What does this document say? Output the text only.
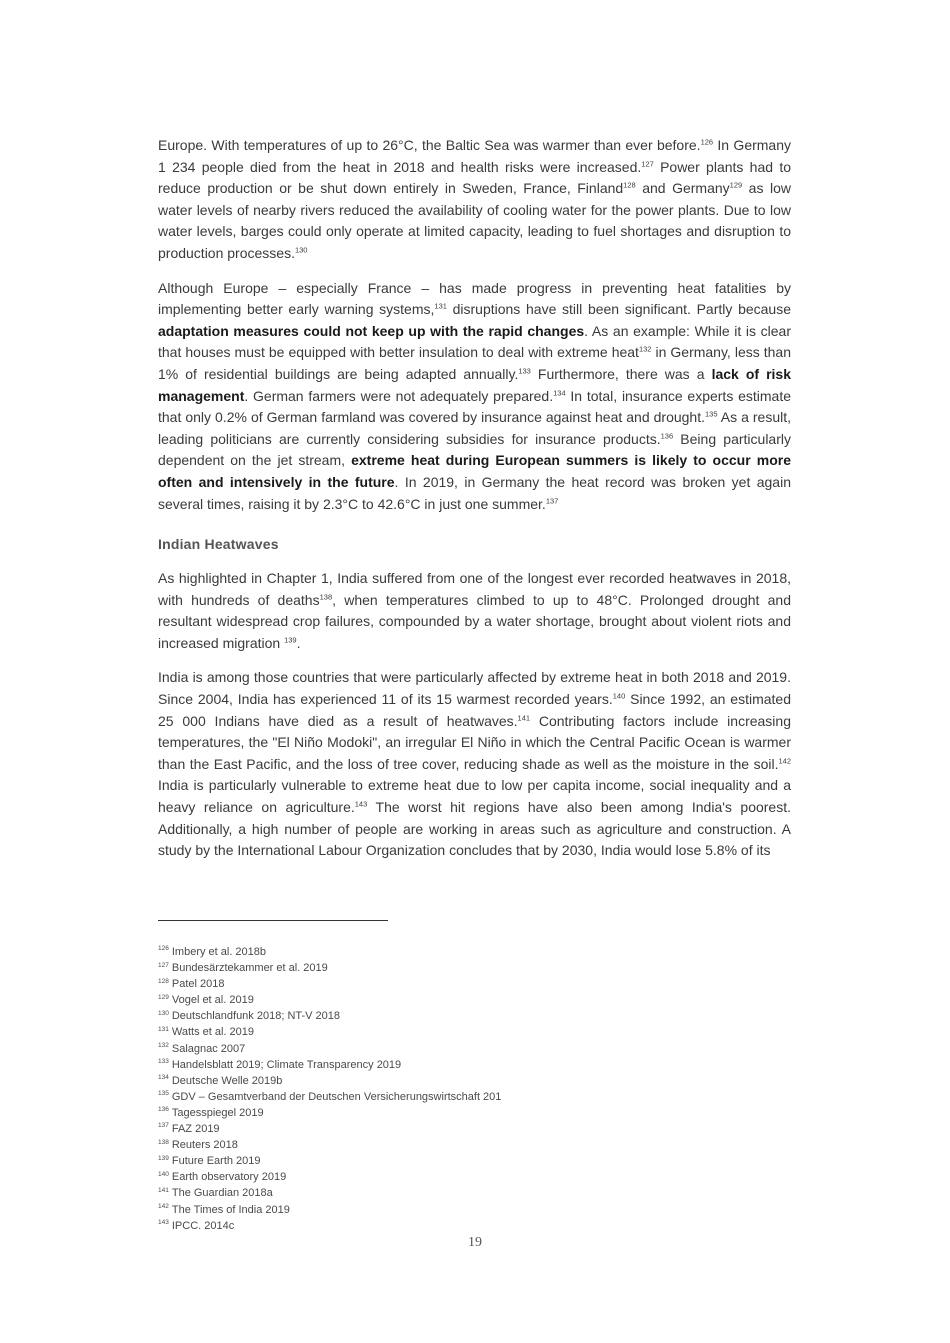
Europe. With temperatures of up to 26°C, the Baltic Sea was warmer than ever before.$^{126}$ In Germany 1 234 people died from the heat in 2018 and health risks were increased.$^{127}$ Power plants had to reduce production or be shut down entirely in Sweden, France, Finland$^{128}$ and Germany$^{129}$ as low water levels of nearby rivers reduced the availability of cooling water for the power plants. Due to low water levels, barges could only operate at limited capacity, leading to fuel shortages and disruption to production processes.$^{130}$

Although Europe – especially France – has made progress in preventing heat fatalities by implementing better early warning systems,$^{131}$ disruptions have still been significant. Partly because adaptation measures could not keep up with the rapid changes. As an example: While it is clear that houses must be equipped with better insulation to deal with extreme heat$^{132}$ in Germany, less than 1% of residential buildings are being adapted annually.$^{133}$ Furthermore, there was a lack of risk management. German farmers were not adequately prepared.$^{134}$ In total, insurance experts estimate that only 0.2% of German farmland was covered by insurance against heat and drought.$^{135}$ As a result, leading politicians are currently considering subsidies for insurance products.$^{136}$ Being particularly dependent on the jet stream, extreme heat during European summers is likely to occur more often and intensively in the future. In 2019, in Germany the heat record was broken yet again several times, raising it by 2.3°C to 42.6°C in just one summer.$^{137}$

Indian Heatwaves

As highlighted in Chapter 1, India suffered from one of the longest ever recorded heatwaves in 2018, with hundreds of deaths$^{138}$, when temperatures climbed to up to 48°C. Prolonged drought and resultant widespread crop failures, compounded by a water shortage, brought about violent riots and increased migration $^{139}$.

India is among those countries that were particularly affected by extreme heat in both 2018 and 2019. Since 2004, India has experienced 11 of its 15 warmest recorded years.$^{140}$ Since 1992, an estimated 25 000 Indians have died as a result of heatwaves.$^{141}$ Contributing factors include increasing temperatures, the "El Niño Modoki", an irregular El Niño in which the Central Pacific Ocean is warmer than the East Pacific, and the loss of tree cover, reducing shade as well as the moisture in the soil.$^{142}$ India is particularly vulnerable to extreme heat due to low per capita income, social inequality and a heavy reliance on agriculture.$^{143}$ The worst hit regions have also been among India's poorest. Additionally, a high number of people are working in areas such as agriculture and construction. A study by the International Labour Organization concludes that by 2030, India would lose 5.8% of its

$^{126}$ Imbery et al. 2018b
$^{127}$ Bundesärztekammer et al. 2019
$^{128}$ Patel 2018
$^{129}$ Vogel et al. 2019
$^{130}$ Deutschlandfunk 2018; NT-V 2018
$^{131}$ Watts et al. 2019
$^{132}$ Salagnac 2007
$^{133}$ Handelsblatt 2019; Climate Transparency 2019
$^{134}$ Deutsche Welle 2019b
$^{135}$ GDV – Gesamtverband der Deutschen Versicherungswirtschaft 201
$^{136}$ Tagesspiegel 2019
$^{137}$ FAZ 2019
$^{138}$ Reuters 2018
$^{139}$ Future Earth 2019
$^{140}$ Earth observatory 2019
$^{141}$ The Guardian 2018a
$^{142}$ The Times of India 2019
$^{143}$ IPCC. 2014c
19
